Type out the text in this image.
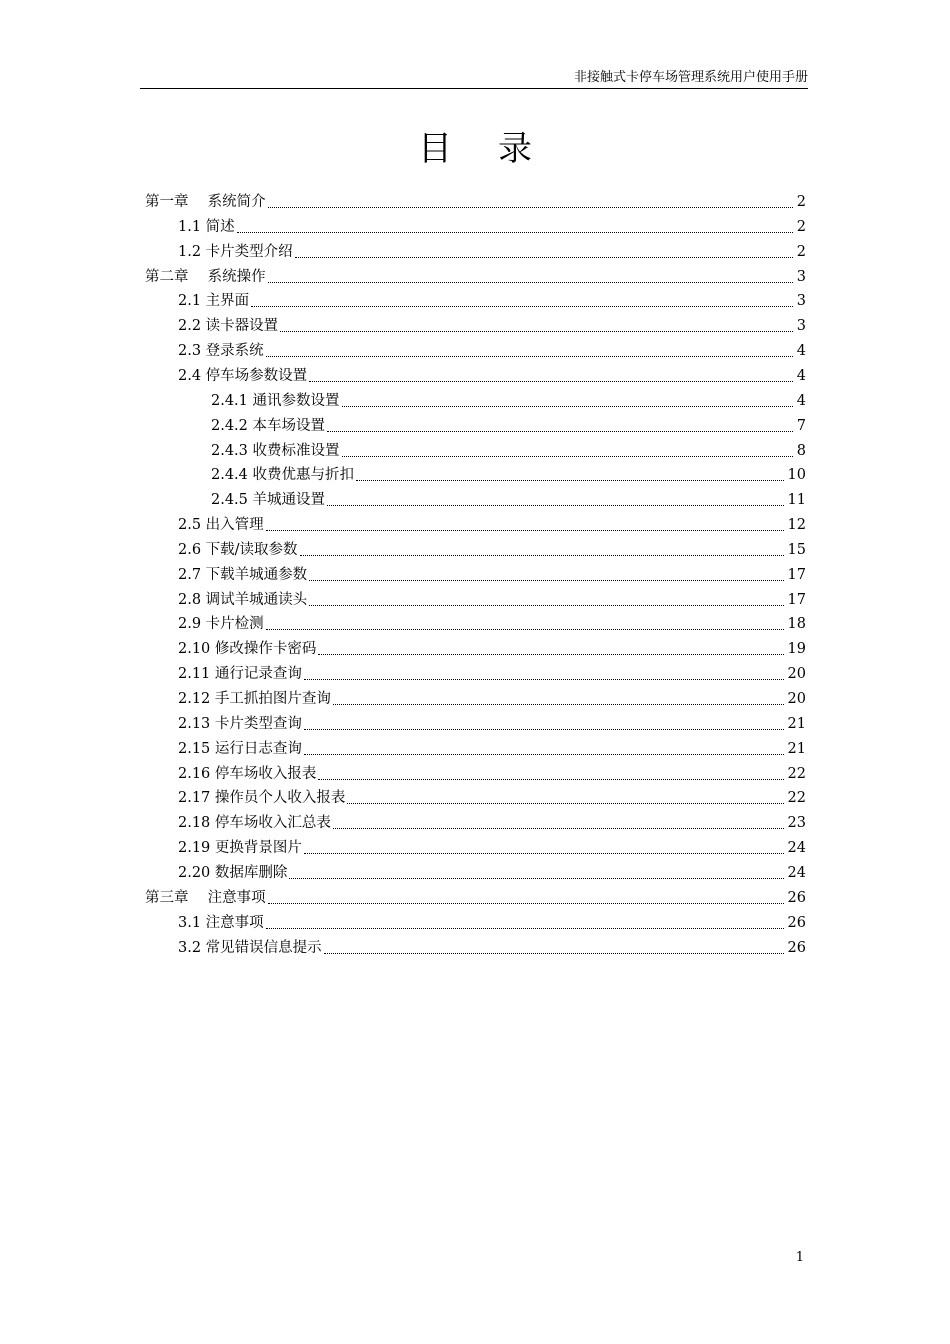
非接触式卡停车场管理系统用户使用手册
目录
第一章　 系统简介	2
1.1 简述	2
1.2 卡片类型介绍	2
第二章　 系统操作	3
2.1 主界面	3
2.2 读卡器设置	3
2.3 登录系统	4
2.4 停车场参数设置	4
2.4.1 通讯参数设置	4
2.4.2 本车场设置	7
2.4.3 收费标准设置	8
2.4.4 收费优惠与折扣	10
2.4.5 羊城通设置	11
2.5 出入管理	12
2.6 下载/读取参数	15
2.7 下载羊城通参数	17
2.8 调试羊城通读头	17
2.9 卡片检测	18
2.10 修改操作卡密码	19
2.11 通行记录查询	20
2.12 手工抓拍图片查询	20
2.13 卡片类型查询	21
2.15 运行日志查询	21
2.16 停车场收入报表	22
2.17 操作员个人收入报表	22
2.18 停车场收入汇总表	23
2.19 更换背景图片	24
2.20 数据库删除	24
第三章　 注意事项	26
3.1 注意事项	26
3.2 常见错误信息提示	26
1
